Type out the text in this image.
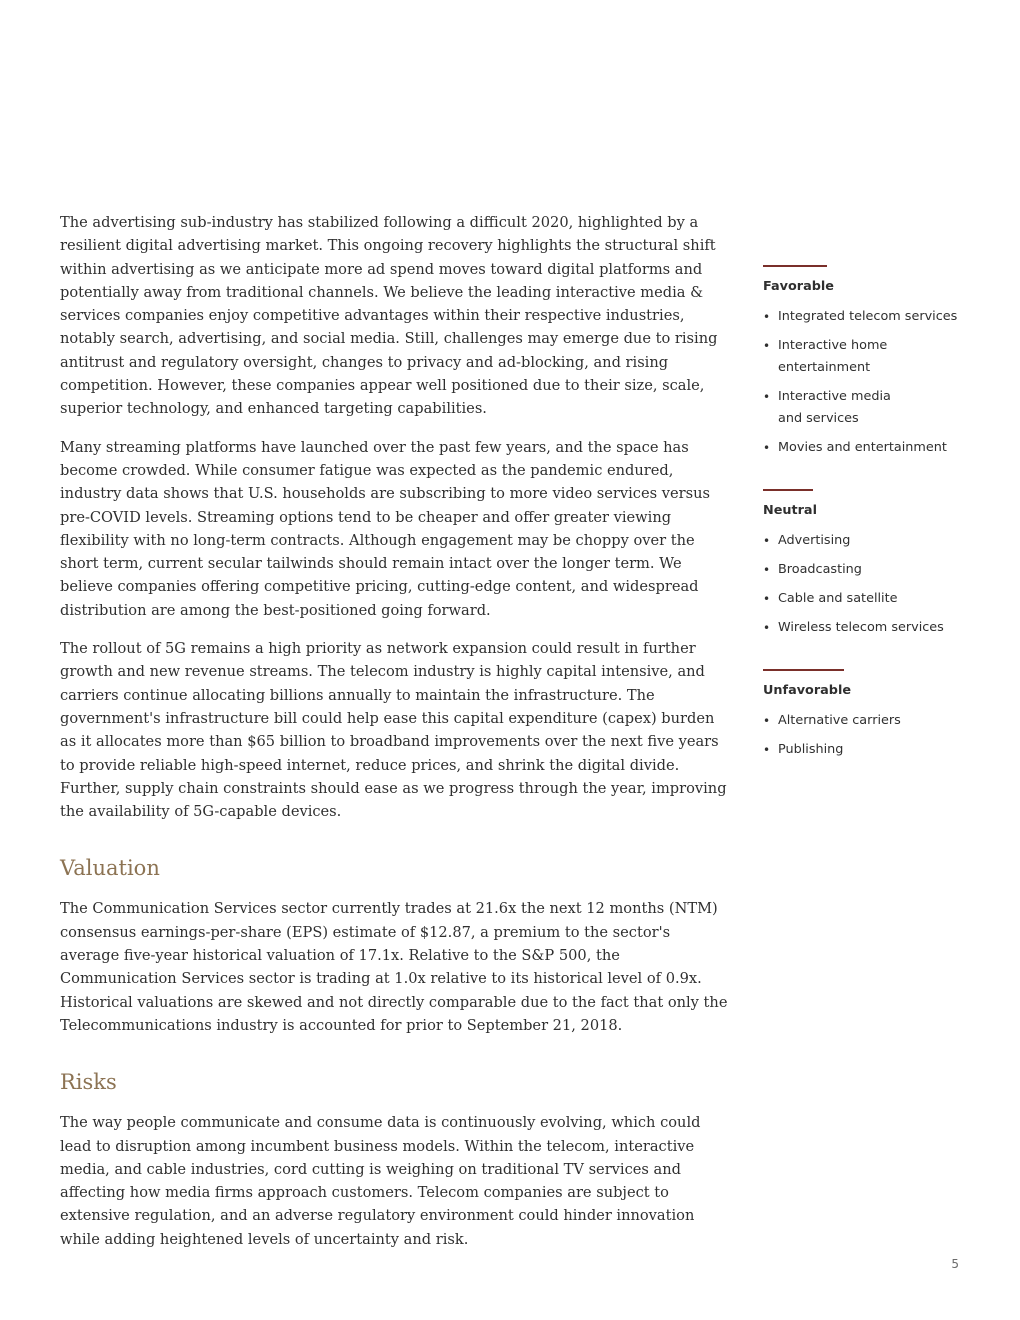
The advertising sub-industry has stabilized following a difficult 2020, highlighted by a resilient digital advertising market. This ongoing recovery highlights the structural shift within advertising as we anticipate more ad spend moves toward digital platforms and potentially away from traditional channels. We believe the leading interactive media & services companies enjoy competitive advantages within their respective industries, notably search, advertising, and social media. Still, challenges may emerge due to rising antitrust and regulatory oversight, changes to privacy and ad-blocking, and rising competition. However, these companies appear well positioned due to their size, scale, superior technology, and enhanced targeting capabilities.

Many streaming platforms have launched over the past few years, and the space has become crowded. While consumer fatigue was expected as the pandemic endured, industry data shows that U.S. households are subscribing to more video services versus pre-COVID levels. Streaming options tend to be cheaper and offer greater viewing flexibility with no long-term contracts. Although engagement may be choppy over the short term, current secular tailwinds should remain intact over the longer term. We believe companies offering competitive pricing, cutting-edge content, and widespread distribution are among the best-positioned going forward.

The rollout of 5G remains a high priority as network expansion could result in further growth and new revenue streams. The telecom industry is highly capital intensive, and carriers continue allocating billions annually to maintain the infrastructure. The government's infrastructure bill could help ease this capital expenditure (capex) burden as it allocates more than $65 billion to broadband improvements over the next five years to provide reliable high-speed internet, reduce prices, and shrink the digital divide. Further, supply chain constraints should ease as we progress through the year, improving the availability of 5G-capable devices.

Valuation

The Communication Services sector currently trades at 21.6x the next 12 months (NTM) consensus earnings-per-share (EPS) estimate of $12.87, a premium to the sector's average five-year historical valuation of 17.1x. Relative to the S&P 500, the Communication Services sector is trading at 1.0x relative to its historical level of 0.9x. Historical valuations are skewed and not directly comparable due to the fact that only the Telecommunications industry is accounted for prior to September 21, 2018.

Risks

The way people communicate and consume data is continuously evolving, which could lead to disruption among incumbent business models. Within the telecom, interactive media, and cable industries, cord cutting is weighing on traditional TV services and affecting how media firms approach customers. Telecom companies are subject to extensive regulation, and an adverse regulatory environment could hinder innovation while adding heightened levels of uncertainty and risk.

Favorable
• Integrated telecom services
• Interactive home entertainment
• Interactive media and services
• Movies and entertainment
Neutral
• Advertising
• Broadcasting
• Cable and satellite
• Wireless telecom services
Unfavorable
• Alternative carriers
• Publishing
5
